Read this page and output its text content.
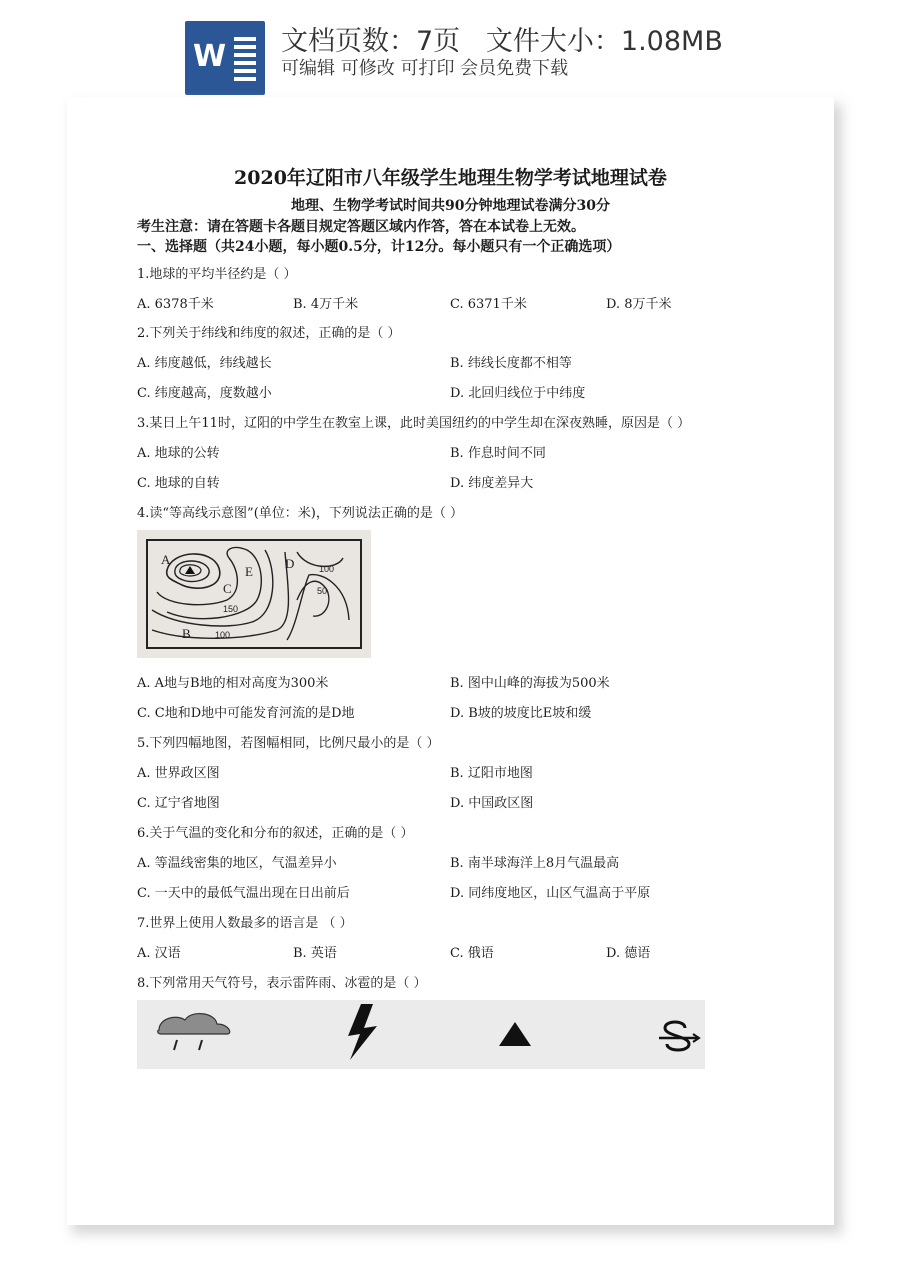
W 文档页数：7页   文件大小：1.08MB
可编辑 可修改 可打印 会员免费下载
2020年辽阳市八年级学生地理生物学考试地理试卷
地理、生物学考试时间共90分钟地理试卷满分30分
考生注意：请在答题卡各题目规定答题区域内作答，答在本试卷上无效。
一、选择题（共24小题，每小题0.5分，计12分。每小题只有一个正确选项）
1.地球的平均半径约是（ ）
A. 6378千米	B. 4万千米	C. 6371千米	D. 8万千米
2.下列关于纬线和纬度的叙述，正确的是（ ）
A. 纬度越低，纬线越长	B. 纬线长度都不相等
C. 纬度越高，度数越小	D. 北回归线位于中纬度
3.某日上午11时，辽阳的中学生在教室上课，此时美国纽约的中学生却在深夜熟睡，原因是（ ）
A. 地球的公转	B. 作息时间不同
C. 地球的自转	D. 纬度差异大
4.读“等高线示意图”(单位：米)，下列说法正确的是（ ）
A
C
E
D
B
100
50
150
100
A. A地与B地的相对高度为300米	B. 图中山峰的海拔为500米
C. C地和D地中可能发育河流的是D地	D. B坡的坡度比E坡和缓
5.下列四幅地图，若图幅相同，比例尺最小的是（ ）
A. 世界政区图	B. 辽阳市地图
C. 辽宁省地图	D. 中国政区图
6.关于气温的变化和分布的叙述，正确的是（ ）
A. 等温线密集的地区，气温差异小	B. 南半球海洋上8月气温最高
C. 一天中的最低气温出现在日出前后	D. 同纬度地区，山区气温高于平原
7.世界上使用人数最多的语言是 （ ）
A. 汉语	B. 英语	C. 俄语	D. 德语
8.下列常用天气符号，表示雷阵雨、冰雹的是（ ）
